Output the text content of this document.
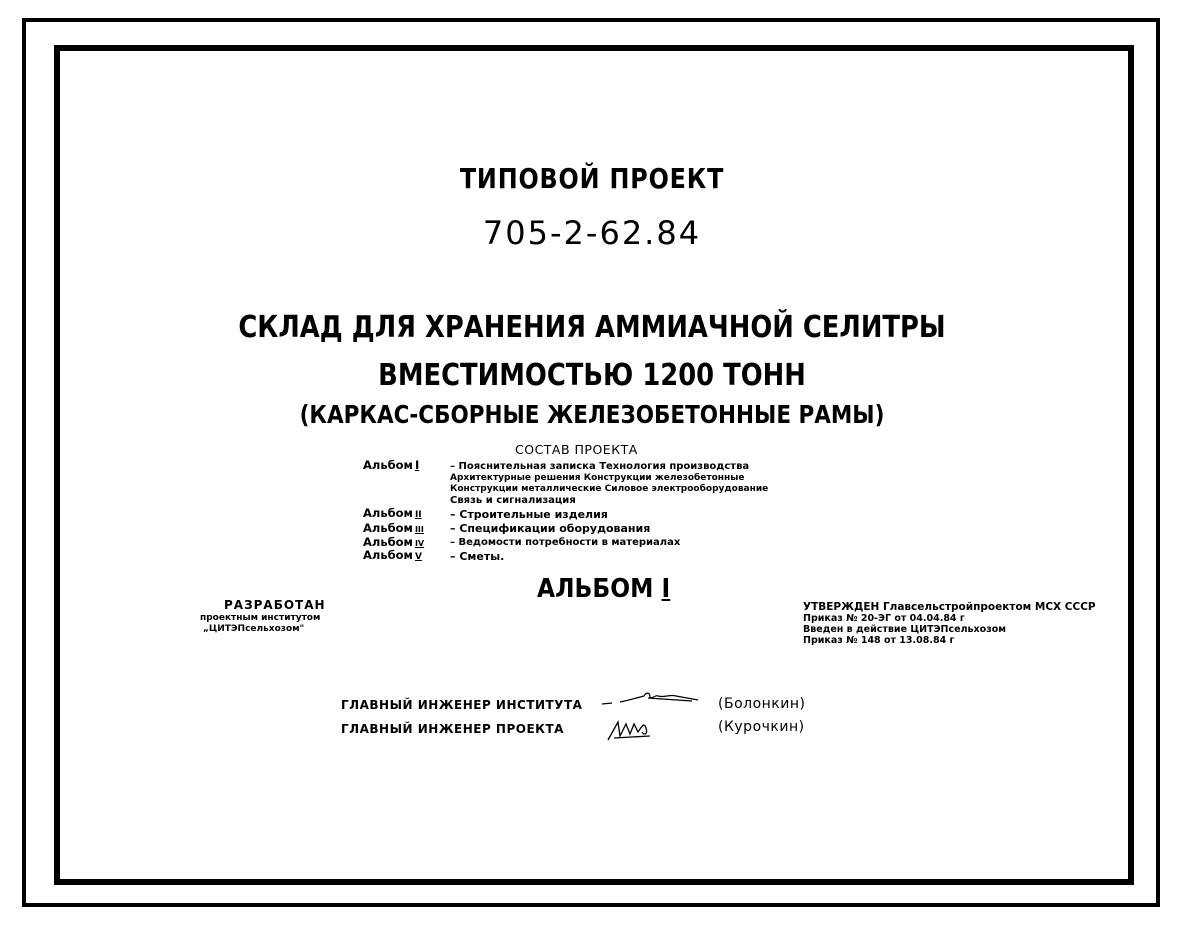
ТИПОВОЙ ПРОЕКТ
705-2-62.84
СКЛАД ДЛЯ ХРАНЕНИЯ АММИАЧНОЙ СЕЛИТРЫ
ВМЕСТИМОСТЬЮ 1200 ТОНН
(КАРКАС-СБОРНЫЕ ЖЕЛЕЗОБЕТОННЫЕ РАМЫ)
СОСТАВ ПРОЕКТА
Альбом I	– Пояснительная записка Технология производства
Архитектурные решения Конструкции железобетонные
Конструкции металлические Силовое электрооборудование
Связь и сигнализация
Альбом II	– Строительные изделия
Альбом III	– Спецификации оборудования
Альбом IV	– Ведомости потребности в материалах
Альбом V	– Сметы.
АЛЬБОМ I
РАЗРАБОТАН
проектным институтом
„ЦИТЭПсельхозом"
УТВЕРЖДЕН Главсельстройпроектом МСХ СССР
Приказ № 20-ЭГ от 04.04.84 г
Введен в действие ЦИТЭПсельхозом
Приказ № 148 от 13.08.84 г
ГЛАВНЫЙ ИНЖЕНЕР ИНСТИТУТА	(Болонкин)
ГЛАВНЫЙ ИНЖЕНЕР ПРОЕКТА	(Курочкин)
